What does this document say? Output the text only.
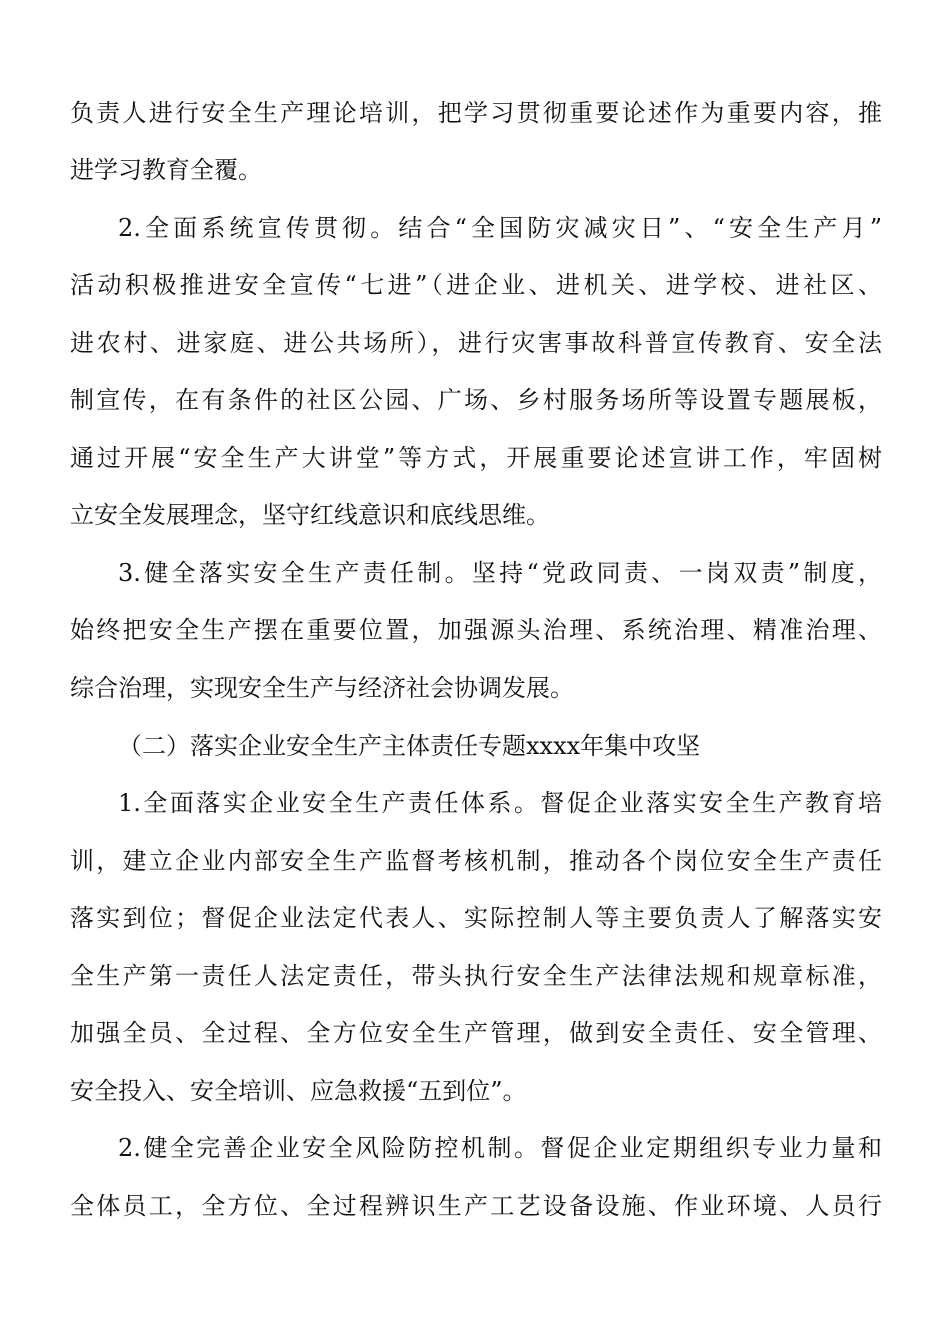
负责人进行安全生产理论培训，把学习贯彻重要论述作为重要内容，推
进学习教育全覆。
2.全面系统宣传贯彻。结合“全国防灾减灾日”、“安全生产月”
活动积极推进安全宣传“七进”（进企业、进机关、进学校、进社区、
进农村、进家庭、进公共场所），进行灾害事故科普宣传教育、安全法
制宣传，在有条件的社区公园、广场、乡村服务场所等设置专题展板，
通过开展“安全生产大讲堂”等方式，开展重要论述宣讲工作，牢固树
立安全发展理念，坚守红线意识和底线思维。
3.健全落实安全生产责任制。坚持“党政同责、一岗双责”制度，
始终把安全生产摆在重要位置，加强源头治理、系统治理、精准治理、
综合治理，实现安全生产与经济社会协调发展。
（二）落实企业安全生产主体责任专题xxxx年集中攻坚
1.全面落实企业安全生产责任体系。督促企业落实安全生产教育培
训，建立企业内部安全生产监督考核机制，推动各个岗位安全生产责任
落实到位；督促企业法定代表人、实际控制人等主要负责人了解落实安
全生产第一责任人法定责任，带头执行安全生产法律法规和规章标准，
加强全员、全过程、全方位安全生产管理，做到安全责任、安全管理、
安全投入、安全培训、应急救援“五到位”。
2.健全完善企业安全风险防控机制。督促企业定期组织专业力量和
全体员工，全方位、全过程辨识生产工艺设备设施、作业环境、人员行
